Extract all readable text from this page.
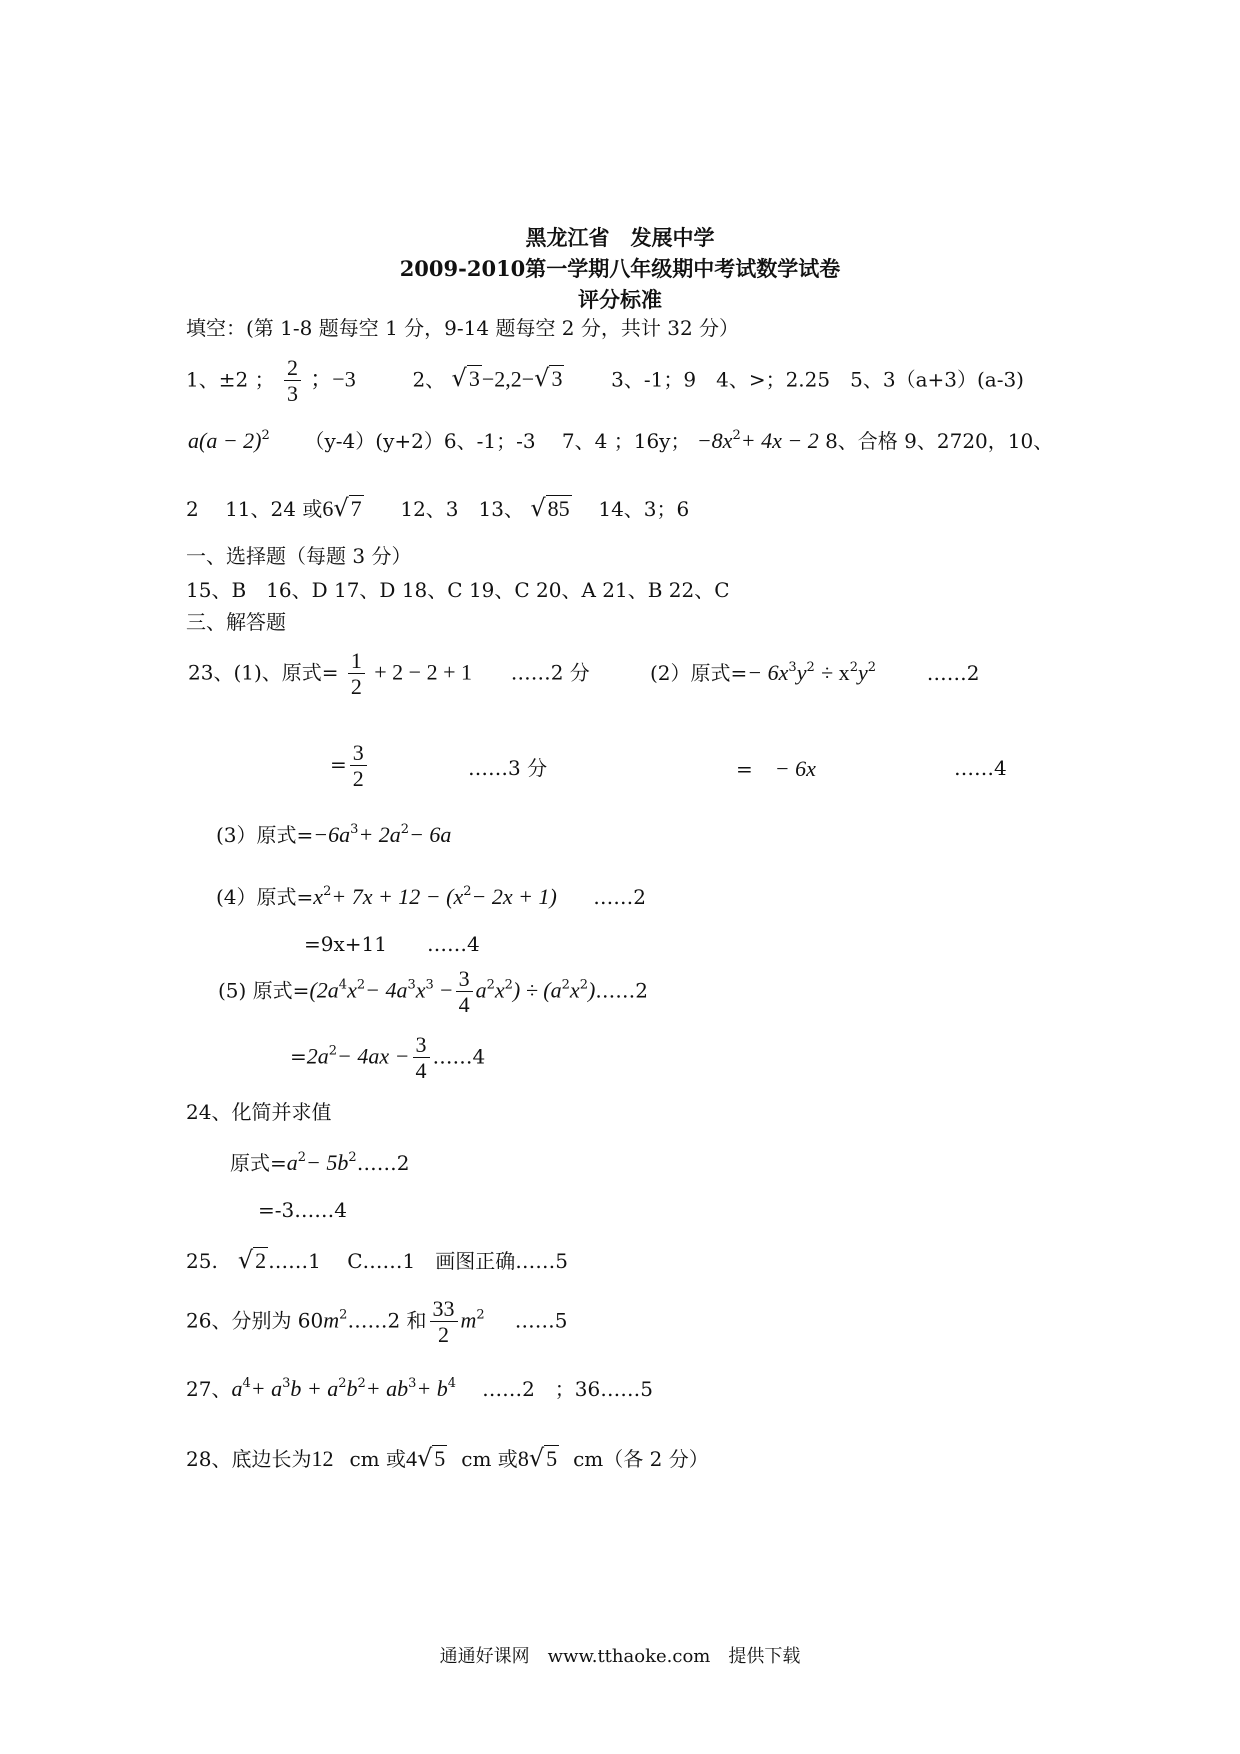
黑龙江省　发展中学
2009-2010第一学期八年级期中考试数学试卷
评分标准
填空：(第 1-8 题每空 1 分，9-14 题每空 2 分，共计 32 分）
1、±2 ； $\frac{2}{3}$ ；−3	2、 √3−2,2−√3 3、-1；9　4、>；2.25　5、3（a+3）(a-3)
$a(a - 2)^2$ （y-4）(y+2）6、-1；-3　 7、4 ；16y； $-8x^2+ 4x - 2$ 8、合格 9、2720，10、
2　 11、24 或6√7 12、3　13、 √85 14、3；6
一、选择题（每题 3 分）
15、B　16、D 17、D 18、C 19、C 20、A 21、B 22、C
三、解答题
23、(1)、原式= $\frac{1}{2} + 2 - 2 + 1$ ……2 分	(2）原式=− $6x^3y^2 \div x^2y^2$	……2
= $\frac{3}{2}$	……3 分	= − 6x	……4
(3）原式$=-6a^3+ 2a^2- 6a$
(4）原式$=x^2+ 7x + 12 - (x^2- 2x + 1)$ ……2
=9x+11　　……4
(5) 原式$=(2a^4x^2- 4a^3x^3 - \frac{3}{4} a^2x^2)$ ÷ $(a^2x^2)\dots\dots 2$
$=2a^2- 4ax - \frac{3}{4}$ ……4
24、化简并求值
原式$=a^2-$ $5b^2\dots\dots 2$
=-3……4
25. √2 ……1　 C……1　画图正确……5
26、分别为 $60m^2\dots\dots 2$ 和 $\frac{33}{2} m^2$ ……5
27、$a^4+ a^3b + a^2b^2+ ab^3+ b^4$ ……2　；36……5
28、底边长为12 cm 或4√5 cm 或8√5 cm（各 2 分）
通通好课网　www.tthaoke.com　提供下载
